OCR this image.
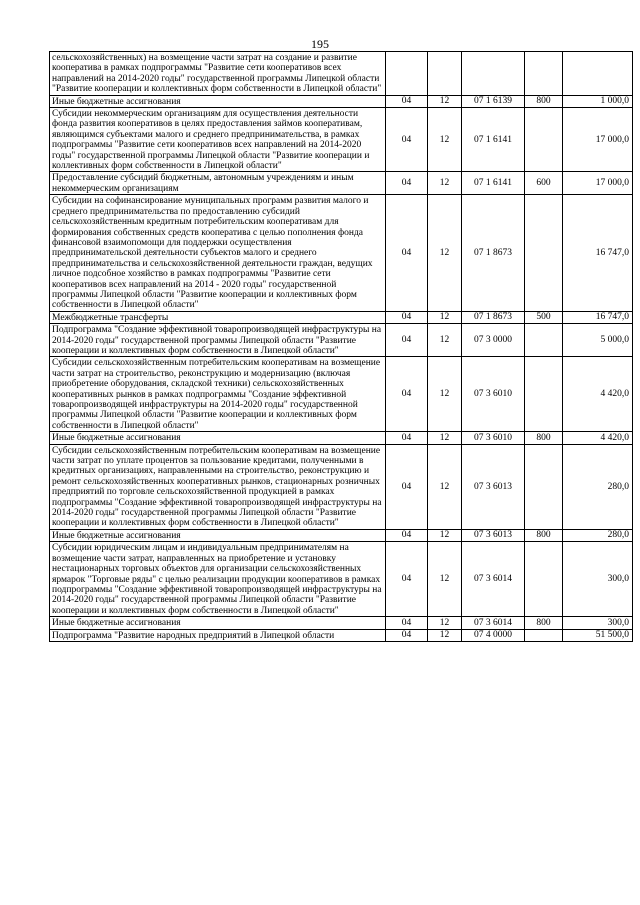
195
сельскохозяйственных) на возмещение части затрат на создание и развитие кооператива в рамках подпрограммы "Развитие сети кооперативов всех направлений на 2014-2020 годы" государственной программы Липецкой области "Развитие кооперации и коллективных форм собственности в Липецкой области"					
Иные бюджетные ассигнования	04	12	07 1 6139	800	1 000,0
Субсидии некоммерческим организациям для осуществления деятельности фонда развития кооперативов в целях предоставления займов кооперативам, являющимся субъектами малого и среднего предпринимательства, в рамках подпрограммы "Развитие сети кооперативов всех направлений на 2014-2020 годы" государственной программы Липецкой области "Развитие кооперации и коллективных форм собственности в Липецкой области"	04	12	07 1 6141		17 000,0
Предоставление субсидий бюджетным, автономным учреждениям и иным некоммерческим организациям	04	12	07 1 6141	600	17 000,0
Субсидии на софинансирование муниципальных программ развития малого и среднего предпринимательства по предоставлению субсидий сельскохозяйственным кредитным потребительским кооперативам для формирования собственных средств кооператива с целью пополнения фонда финансовой взаимопомощи для поддержки осуществления предпринимательской деятельности субъектов малого и среднего предпринимательства и сельскохозяйственной деятельности граждан, ведущих личное подсобное хозяйство в рамках подпрограммы "Развитие сети кооперативов всех направлений на 2014 - 2020 годы" государственной программы Липецкой области "Развитие кооперации и коллективных форм собственности в Липецкой области"	04	12	07 1 8673		16 747,0
Межбюджетные трансферты	04	12	07 1 8673	500	16 747,0
Подпрограмма "Создание эффективной товаропроизводящей инфраструктуры на 2014-2020 годы" государственной программы Липецкой области "Развитие кооперации и коллективных форм собственности в Липецкой области"	04	12	07 3 0000		5 000,0
Субсидии сельскохозяйственным потребительским кооперативам на возмещение части затрат на строительство, реконструкцию и модернизацию (включая приобретение оборудования, складской техники) сельскохозяйственных кооперативных рынков в рамках подпрограммы "Создание эффективной товаропроизводящей инфраструктуры на 2014-2020 годы" государственной программы Липецкой области "Развитие кооперации и коллективных форм собственности в Липецкой области"	04	12	07 3 6010		4 420,0
Иные бюджетные ассигнования	04	12	07 3 6010	800	4 420,0
Субсидии сельскохозяйственным потребительским кооперативам на возмещение части затрат по уплате процентов за пользование кредитами, полученными в кредитных организациях, направленными на строительство, реконструкцию и ремонт сельскохозяйственных кооперативных рынков, стационарных розничных предприятий по торговле сельскохозяйственной продукцией в рамках подпрограммы "Создание эффективной товаропроизводящей инфраструктуры на 2014-2020 годы" государственной программы Липецкой области "Развитие кооперации и коллективных форм собственности в Липецкой области"	04	12	07 3 6013		280,0
Иные бюджетные ассигнования	04	12	07 3 6013	800	280,0
Субсидии юридическим лицам и индивидуальным предпринимателям на возмещение части затрат, направленных на приобретение и установку нестационарных торговых объектов для организации сельскохозяйственных ярмарок "Торговые ряды" с целью реализации продукции кооперативов в рамках подпрограммы "Создание эффективной товаропроизводящей инфраструктуры на 2014-2020 годы" государственной программы Липецкой области "Развитие кооперации и коллективных форм собственности в Липецкой области"	04	12	07 3 6014		300,0
Иные бюджетные ассигнования	04	12	07 3 6014	800	300,0
Подпрограмма "Развитие народных предприятий в Липецкой области	04	12	07 4 0000		51 500,0
